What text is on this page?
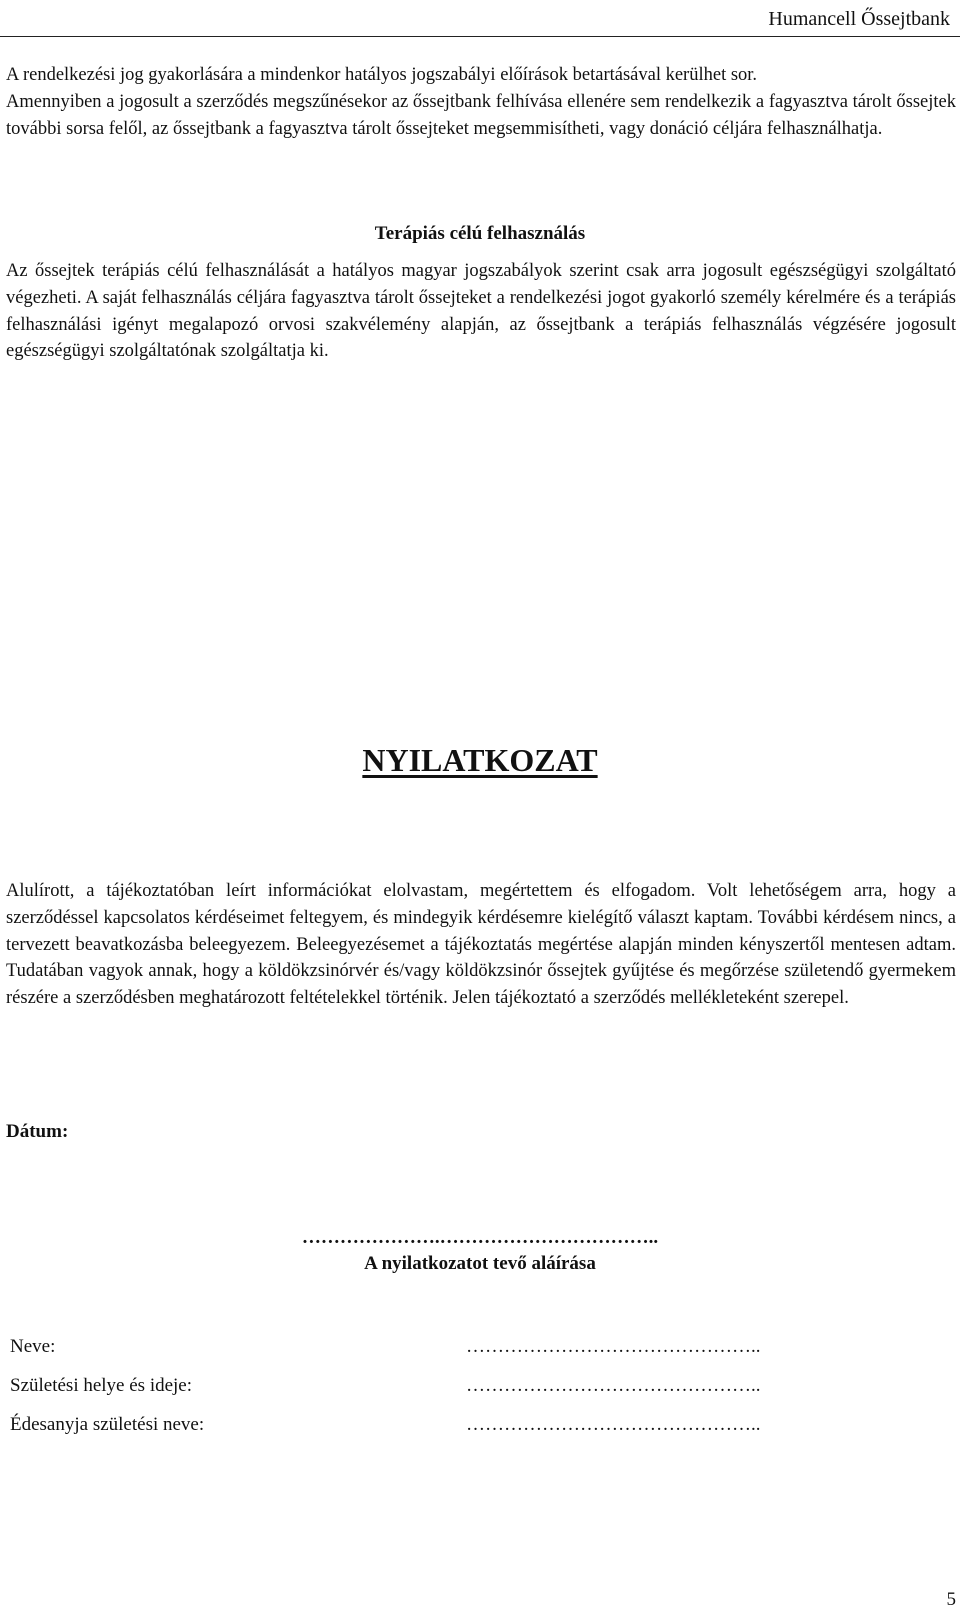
Humancell Őssejtbank

A rendelkezési jog gyakorlására a mindenkor hatályos jogszabályi előírások betartásával kerülhet sor.

Amennyiben a jogosult a szerződés megszűnésekor az őssejtbank felhívása ellenére sem rendelkezik a fagyasztva tárolt őssejtek további sorsa felől, az őssejtbank a fagyasztva tárolt őssejteket megsemmisítheti, vagy donáció céljára felhasználhatja.

Terápiás célú felhasználás

Az őssejtek terápiás célú felhasználását a hatályos magyar jogszabályok szerint csak arra jogosult egészségügyi szolgáltató végezheti. A saját felhasználás céljára fagyasztva tárolt őssejteket a rendelkezési jogot gyakorló személy kérelmére és a terápiás felhasználási igényt megalapozó orvosi szakvélemény alapján, az őssejtbank a terápiás felhasználás végzésére jogosult egészségügyi szolgáltatónak szolgáltatja ki.

NYILATKOZAT

Alulírott, a tájékoztatóban leírt információkat elolvastam, megértettem és elfogadom. Volt lehetőségem arra, hogy a szerződéssel kapcsolatos kérdéseimet feltegyem, és mindegyik kérdésemre kielégítő választ kaptam. További kérdésem nincs, a tervezett beavatkozásba beleegyezem. Beleegyezésemet a tájékoztatás megértése alapján minden kényszertől mentesen adtam. Tudatában vagyok annak, hogy a köldökzsinórvér és/vagy köldökzsinór őssejtek gyűjtése és megőrzése születendő gyermekem részére a szerződésben meghatározott feltételekkel történik. Jelen tájékoztató a szerződés mellékleteként szerepel.

Dátum:
………………….……………………………..
A nyilatkozatot tevő aláírása
Neve:	………………………………………..
Születési helye és ideje:	………………………………………..
Édesanyja születési neve:	………………………………………..
5
